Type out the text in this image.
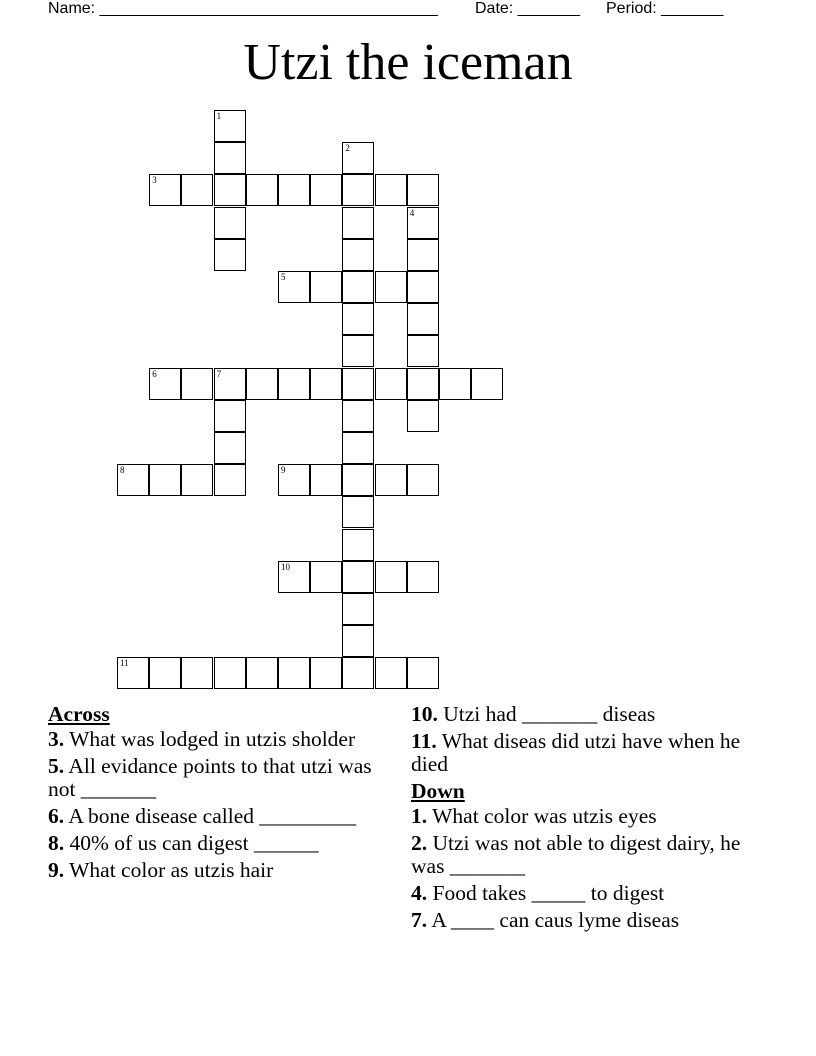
Name: ______________________________________ Date: _______ Period: _______
Utzi the iceman
1
2
3
4
5
6	7
8	9
10
11
Across
3. What was lodged in utzis sholder
5. All evidance points to that utzi was not _______
6. A bone disease called _________
8. 40% of us can digest ______
9. What color as utzis hair
10. Utzi had _______ diseas
11. What diseas did utzi have when he died
Down
1. What color was utzis eyes
2. Utzi was not able to digest dairy, he was _______
4. Food takes _____ to digest
7. A ____ can caus lyme diseas
